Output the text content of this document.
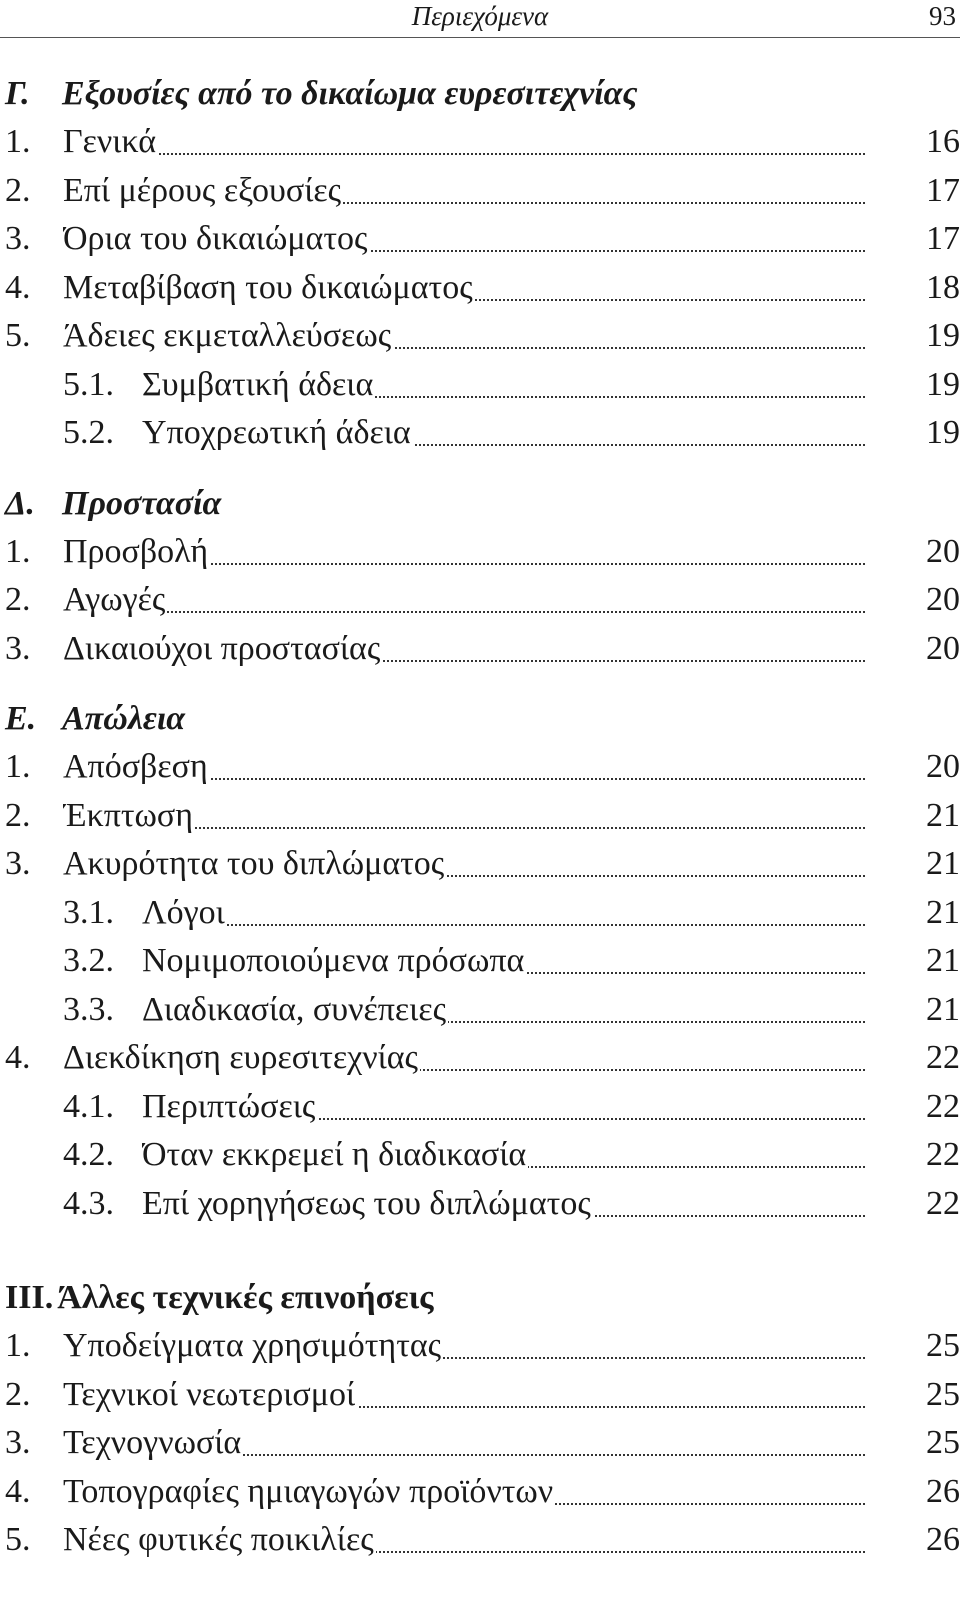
Περιεχόμενα	93
Γ. Εξουσίες από το δικαίωμα ευρεσιτεχνίας
1. Γενικά	16
2. Επί μέρους εξουσίες	17
3. Όρια του δικαιώματος	17
4. Μεταβίβαση του δικαιώματος	18
5. Άδειες εκμεταλλεύσεως	19
5.1. Συμβατική άδεια	19
5.2. Υποχρεωτική άδεια	19
Δ. Προστασία
1. Προσβολή	20
2. Αγωγές	20
3. Δικαιούχοι προστασίας	20
Ε. Απώλεια
1. Απόσβεση	20
2. Έκπτωση	21
3. Ακυρότητα του διπλώματος	21
3.1. Λόγοι	21
3.2. Νομιμοποιούμενα πρόσωπα	21
3.3. Διαδικασία, συνέπειες	21
4. Διεκδίκηση ευρεσιτεχνίας	22
4.1. Περιπτώσεις	22
4.2. Όταν εκκρεμεί η διαδικασία	22
4.3. Επί χορηγήσεως του διπλώματος	22
III. Άλλες τεχνικές επινοήσεις
1. Υποδείγματα χρησιμότητας	25
2. Τεχνικοί νεωτερισμοί	25
3. Τεχνογνωσία	25
4. Τοπογραφίες ημιαγωγών προϊόντων	26
5. Νέες φυτικές ποικιλίες	26
